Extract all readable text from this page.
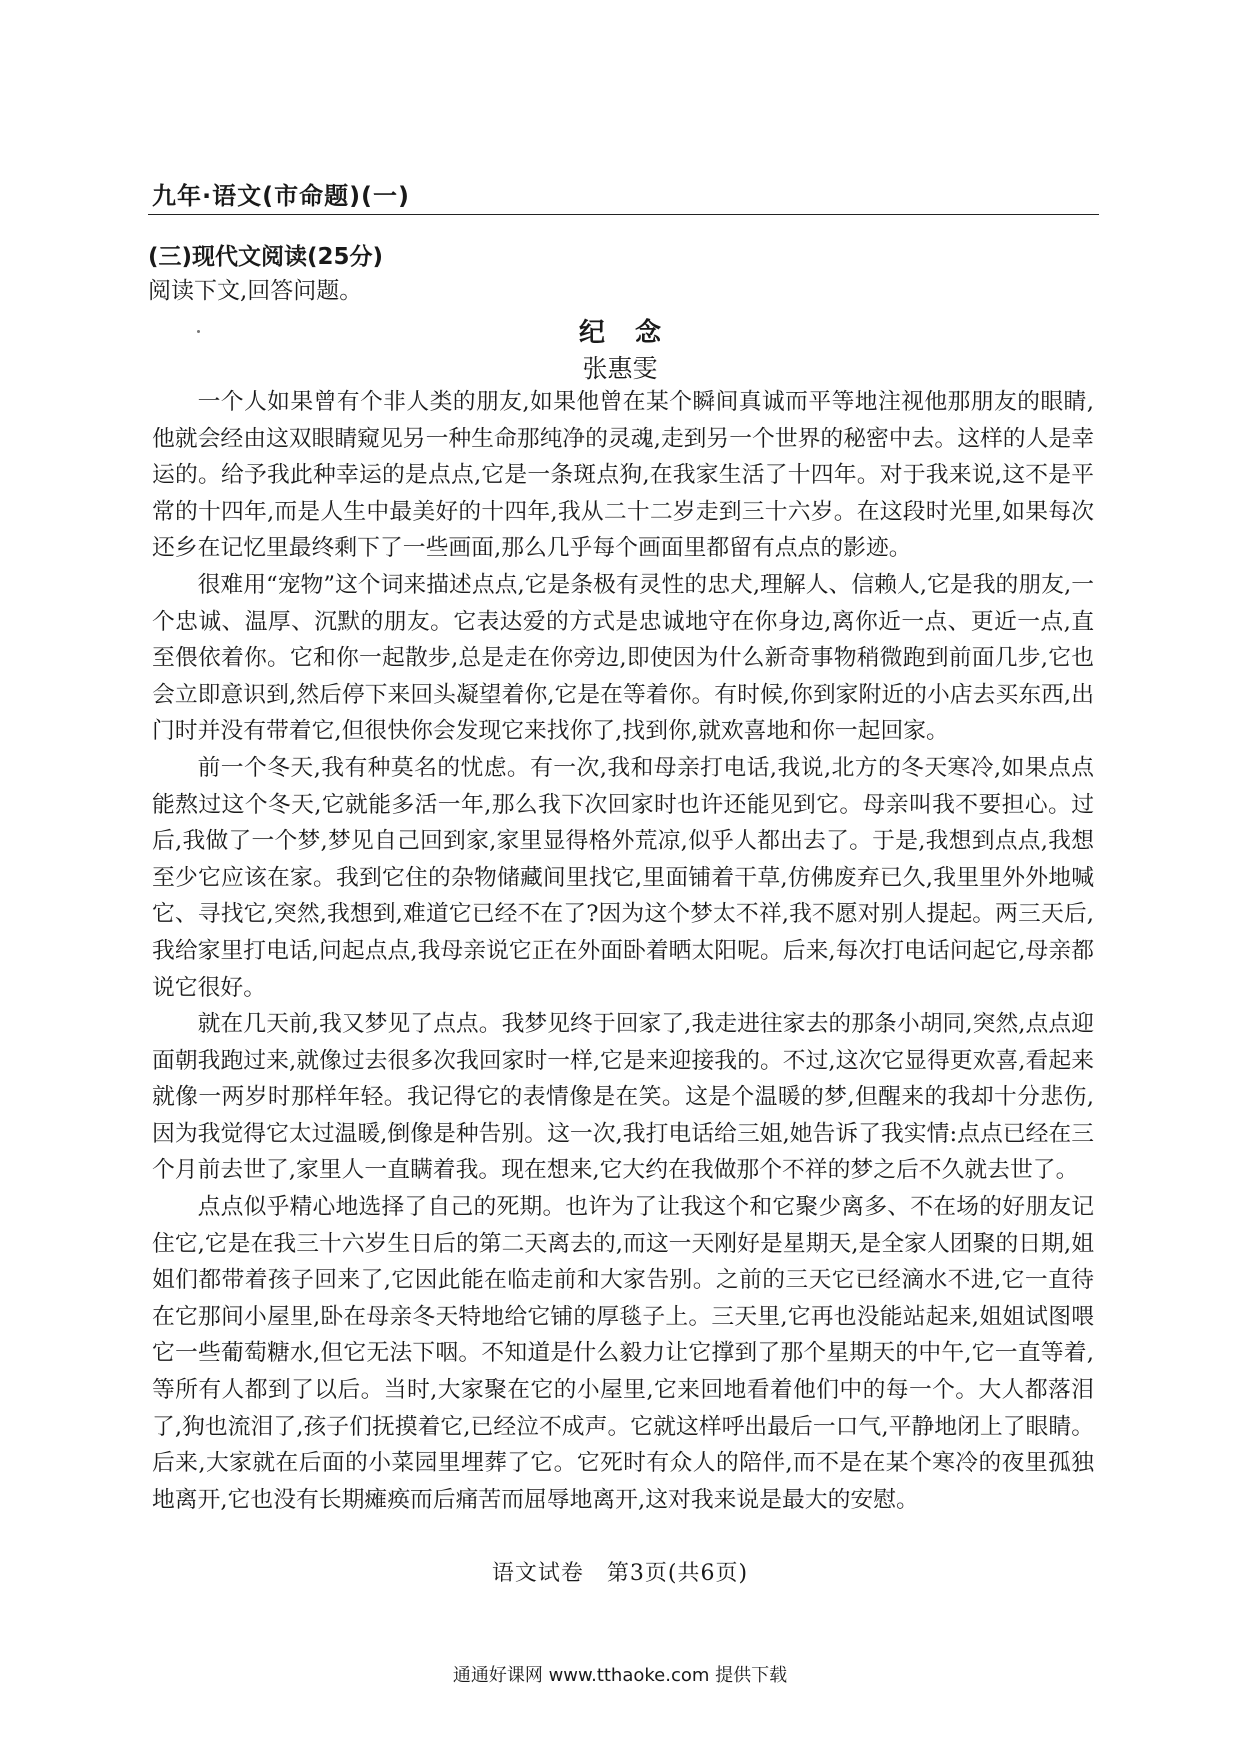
九年·语文(市命题)(一)
(三)现代文阅读(25分)
阅读下文,回答问题。
纪念
张惠雯

一个人如果曾有个非人类的朋友,如果他曾在某个瞬间真诚而平等地注视他那朋友的眼睛,他就会经由这双眼睛窥见另一种生命那纯净的灵魂,走到另一个世界的秘密中去。这样的人是幸运的。给予我此种幸运的是点点,它是一条斑点狗,在我家生活了十四年。对于我来说,这不是平常的十四年,而是人生中最美好的十四年,我从二十二岁走到三十六岁。在这段时光里,如果每次还乡在记忆里最终剩下了一些画面,那么几乎每个画面里都留有点点的影迹。

很难用“宠物”这个词来描述点点,它是条极有灵性的忠犬,理解人、信赖人,它是我的朋友,一个忠诚、温厚、沉默的朋友。它表达爱的方式是忠诚地守在你身边,离你近一点、更近一点,直至偎依着你。它和你一起散步,总是走在你旁边,即使因为什么新奇事物稍微跑到前面几步,它也会立即意识到,然后停下来回头凝望着你,它是在等着你。有时候,你到家附近的小店去买东西,出门时并没有带着它,但很快你会发现它来找你了,找到你,就欢喜地和你一起回家。

前一个冬天,我有种莫名的忧虑。有一次,我和母亲打电话,我说,北方的冬天寒冷,如果点点能熬过这个冬天,它就能多活一年,那么我下次回家时也许还能见到它。母亲叫我不要担心。过后,我做了一个梦,梦见自己回到家,家里显得格外荒凉,似乎人都出去了。于是,我想到点点,我想至少它应该在家。我到它住的杂物储藏间里找它,里面铺着干草,仿佛废弃已久,我里里外外地喊它、寻找它,突然,我想到,难道它已经不在了?因为这个梦太不祥,我不愿对别人提起。两三天后,我给家里打电话,问起点点,我母亲说它正在外面卧着晒太阳呢。后来,每次打电话问起它,母亲都说它很好。

就在几天前,我又梦见了点点。我梦见终于回家了,我走进往家去的那条小胡同,突然,点点迎面朝我跑过来,就像过去很多次我回家时一样,它是来迎接我的。不过,这次它显得更欢喜,看起来就像一两岁时那样年轻。我记得它的表情像是在笑。这是个温暖的梦,但醒来的我却十分悲伤,因为我觉得它太过温暖,倒像是种告别。这一次,我打电话给三姐,她告诉了我实情:点点已经在三个月前去世了,家里人一直瞒着我。现在想来,它大约在我做那个不祥的梦之后不久就去世了。

点点似乎精心地选择了自己的死期。也许为了让我这个和它聚少离多、不在场的好朋友记住它,它是在我三十六岁生日后的第二天离去的,而这一天刚好是星期天,是全家人团聚的日期,姐姐们都带着孩子回来了,它因此能在临走前和大家告别。之前的三天它已经滴水不进,它一直待在它那间小屋里,卧在母亲冬天特地给它铺的厚毯子上。三天里,它再也没能站起来,姐姐试图喂它一些葡萄糖水,但它无法下咽。不知道是什么毅力让它撑到了那个星期天的中午,它一直等着,等所有人都到了以后。当时,大家聚在它的小屋里,它来回地看着他们中的每一个。大人都落泪了,狗也流泪了,孩子们抚摸着它,已经泣不成声。它就这样呼出最后一口气,平静地闭上了眼睛。后来,大家就在后面的小菜园里埋葬了它。它死时有众人的陪伴,而不是在某个寒冷的夜里孤独地离开,它也没有长期瘫痪而后痛苦而屈辱地离开,这对我来说是最大的安慰。

语文试卷　第3页(共6页)
通通好课网 www.tthaoke.com 提供下载
